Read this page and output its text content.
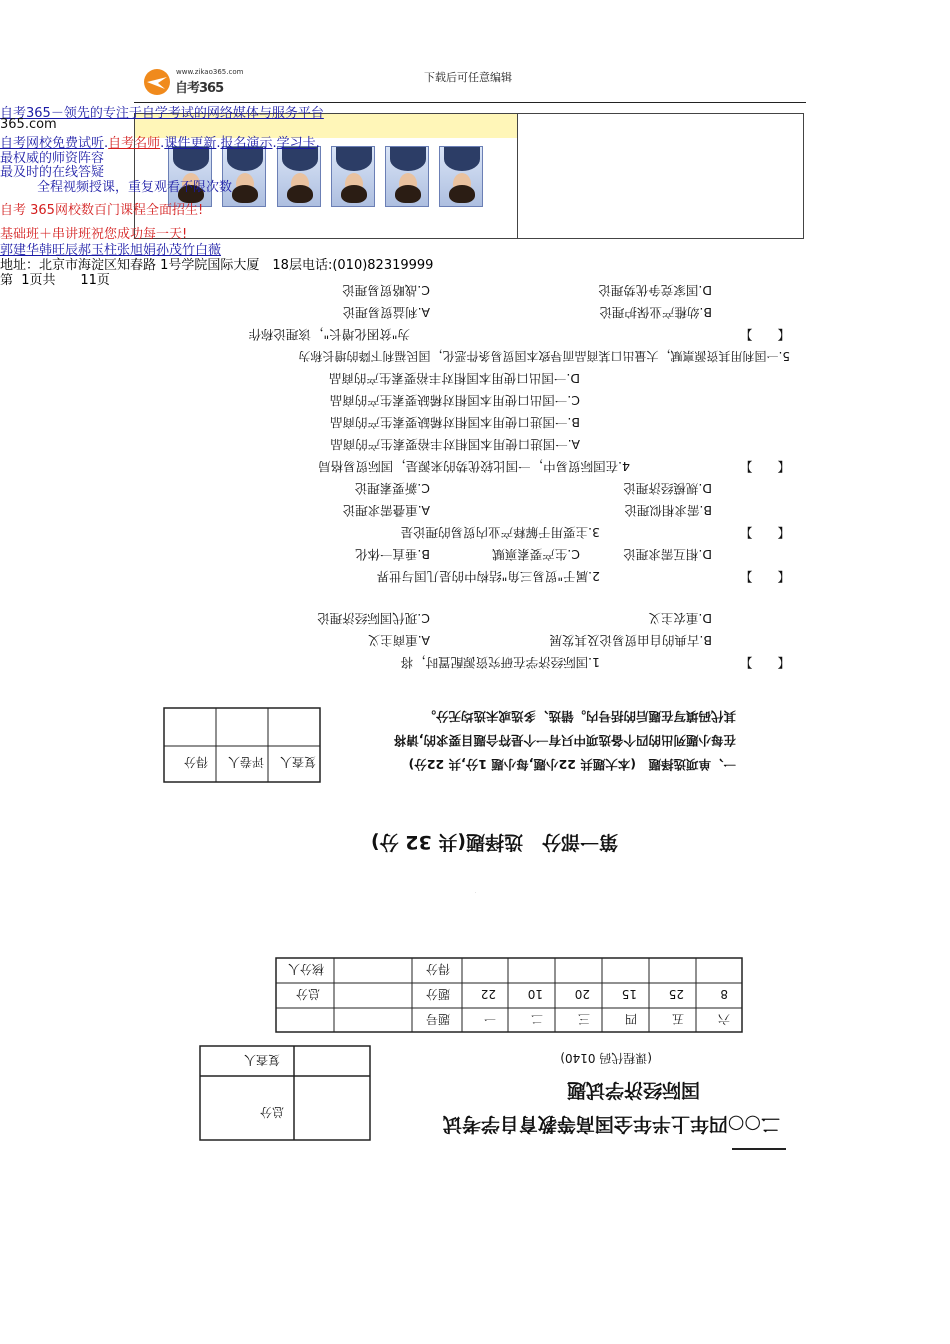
www.zikao365.com
自考365
下载后可任意编辑
自考365－领先的专注于自学考试的网络媒体与服务平台
365.com
自考网校免费试听.自考名师.课件更新.报名演示.学习卡.
最权威的师资阵容
最及时的在线答疑
全程视频授课，重复观看不限次数
自考 365网校数百门课程全面招生!
基础班＋串讲班祝您成功每一天!
郭建华韩旺辰郝玉柱张旭娟孙茂竹白薇
地址：北京市海淀区知春路 1号学院国际大厦　18层电话:(010)82319999
第  1页共      11页
二○○四年上半年全国高等教育自学考试
国际经济学试题
(课程代码 0140)
总分
复查人
六
五
四
三
二
一
题号
8
25
15
20
10
22
题分
得分
总分
核分人
.
第一部分　选择题(共 32 分)
复查人
评卷人
得分	一、单项选择题　(本大题共 22小题,每小题 1分,共 22分)
在每小题列出的四个备选项中只有一个是符合题目要求的,请将
其代码填写在题后的括号内。错选、多选或未选均无分。
【　　】
1.国际经济学在研究资源配置时，将
B.古典的自由贸易论及其发展
A.重商主义
D.重农主义
C.现代国际经济理论
【　　】
2.属于"贸易三角"结构中的是几国与世界
D.相互需求理论
C.生产要素禀赋
B.垂直一体化
【　　】
3.主要用于解释产业内贸易的理论是
B.需求相似理论
A.重叠需求理论
D.规模经济理论
C.新要素理论
【　　】
4.在国际贸易中，一国比较优势的来源是，国际贸易格局
A.一国进口使用本国相对丰裕要素生产的商品
B.一国进口使用本国相对稀缺要素生产的商品
C.一国出口使用本国相对稀缺要素生产的商品
D.一国出口使用本国相对丰裕要素生产的商品
5.一国利用其资源禀赋，大量出口某商品而导致本国贸易条件恶化，国民福利下降的增长称为
【　　】
为"贫困化增长"，该理论称作
B.幼稚产业保护理论
A.利益贸易理论
D.国家竞争优势理论
C.战略贸易理论
